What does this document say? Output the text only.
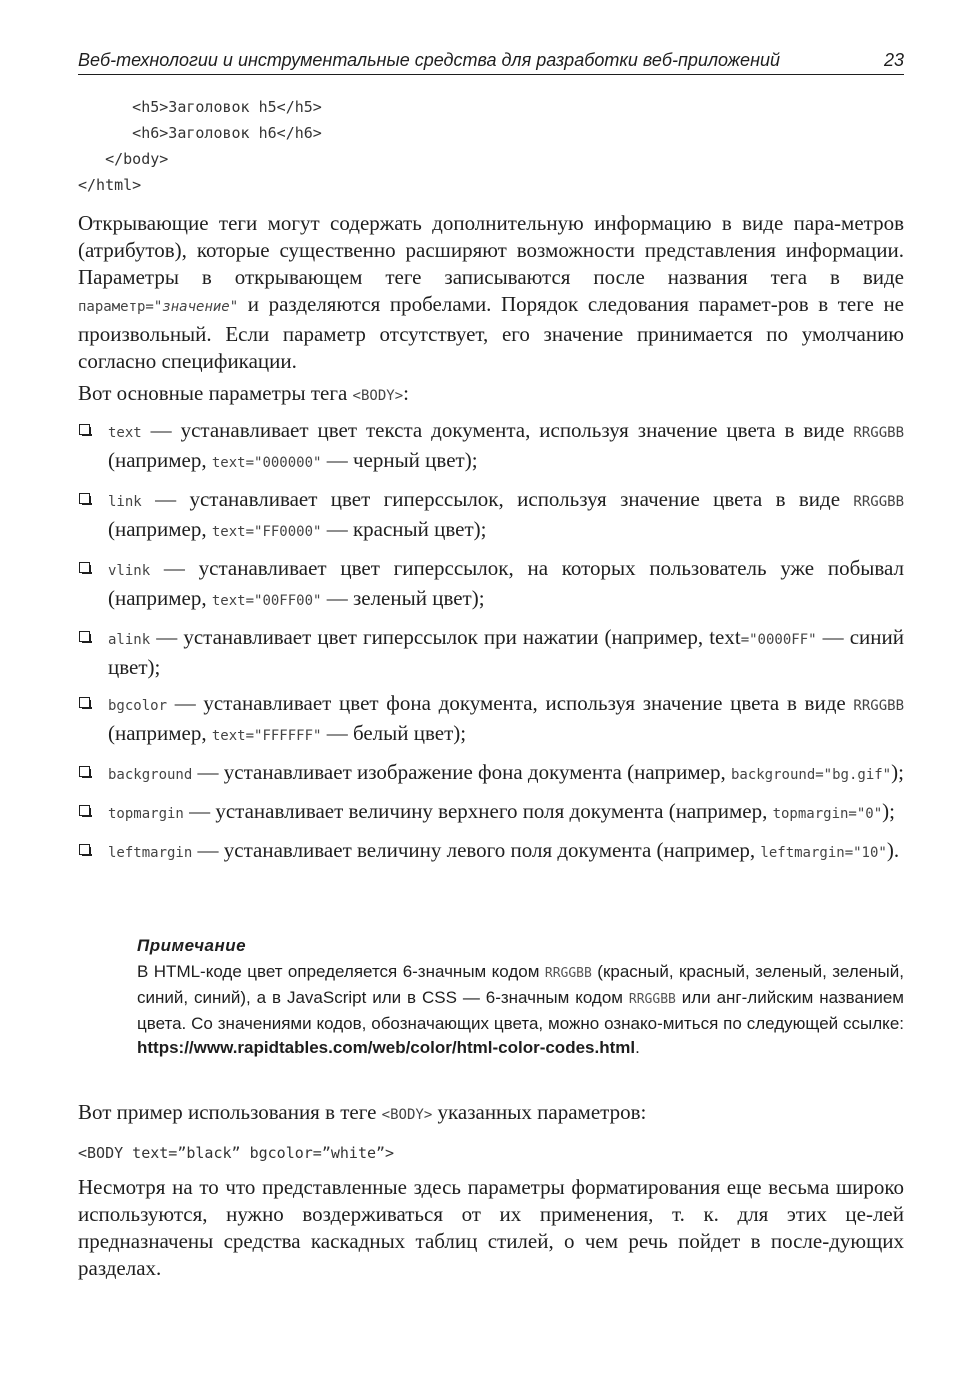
Веб-технологии и инструментальные средства для разработки веб-приложений	23
<h5>Заголовок h5</h5>
<h6>Заголовок h6</h6>
</body>
</html>
Открывающие теги могут содержать дополнительную информацию в виде пара-метров (атрибутов), которые существенно расширяют возможности представления информации. Параметры в открывающем теге записываются после названия тега в виде параметр="значение" и разделяются пробелами. Порядок следования парамет-ров в теге не произвольный. Если параметр отсутствует, его значение принимается по умолчанию согласно спецификации.
Вот основные параметры тега <BODY>:
text — устанавливает цвет текста документа, используя значение цвета в виде RRGGBB (например, text="000000" — черный цвет);
link — устанавливает цвет гиперссылок, используя значение цвета в виде RRGGBB (например, text="FF0000" — красный цвет);
vlink — устанавливает цвет гиперссылок, на которых пользователь уже побывал (например, text="00FF00" — зеленый цвет);
alink — устанавливает цвет гиперссылок при нажатии (например, text="0000FF" — синий цвет);
bgcolor — устанавливает цвет фона документа, используя значение цвета в виде RRGGBB (например, text="FFFFFF" — белый цвет);
background — устанавливает изображение фона документа (например, background="bg.gif");
topmargin — устанавливает величину верхнего поля документа (например, topmargin="0");
leftmargin — устанавливает величину левого поля документа (например, leftmargin="10").
Примечание
В HTML-коде цвет определяется 6-значным кодом RRGGBB (красный, красный, зеленый, зеленый, синий, синий), а в JavaScript или в CSS — 6-значным кодом RRGGBB или анг-лийским названием цвета. Со значениями кодов, обозначающих цвета, можно ознако-миться по следующей ссылке: https://www.rapidtables.com/web/color/html-color-codes.html.
Вот пример использования в теге <BODY> указанных параметров:
<BODY text=”black” bgcolor=”white”>
Несмотря на то что представленные здесь параметры форматирования еще весьма широко используются, нужно воздерживаться от их применения, т. к. для этих це-лей предназначены средства каскадных таблиц стилей, о чем речь пойдет в после-дующих разделах.
